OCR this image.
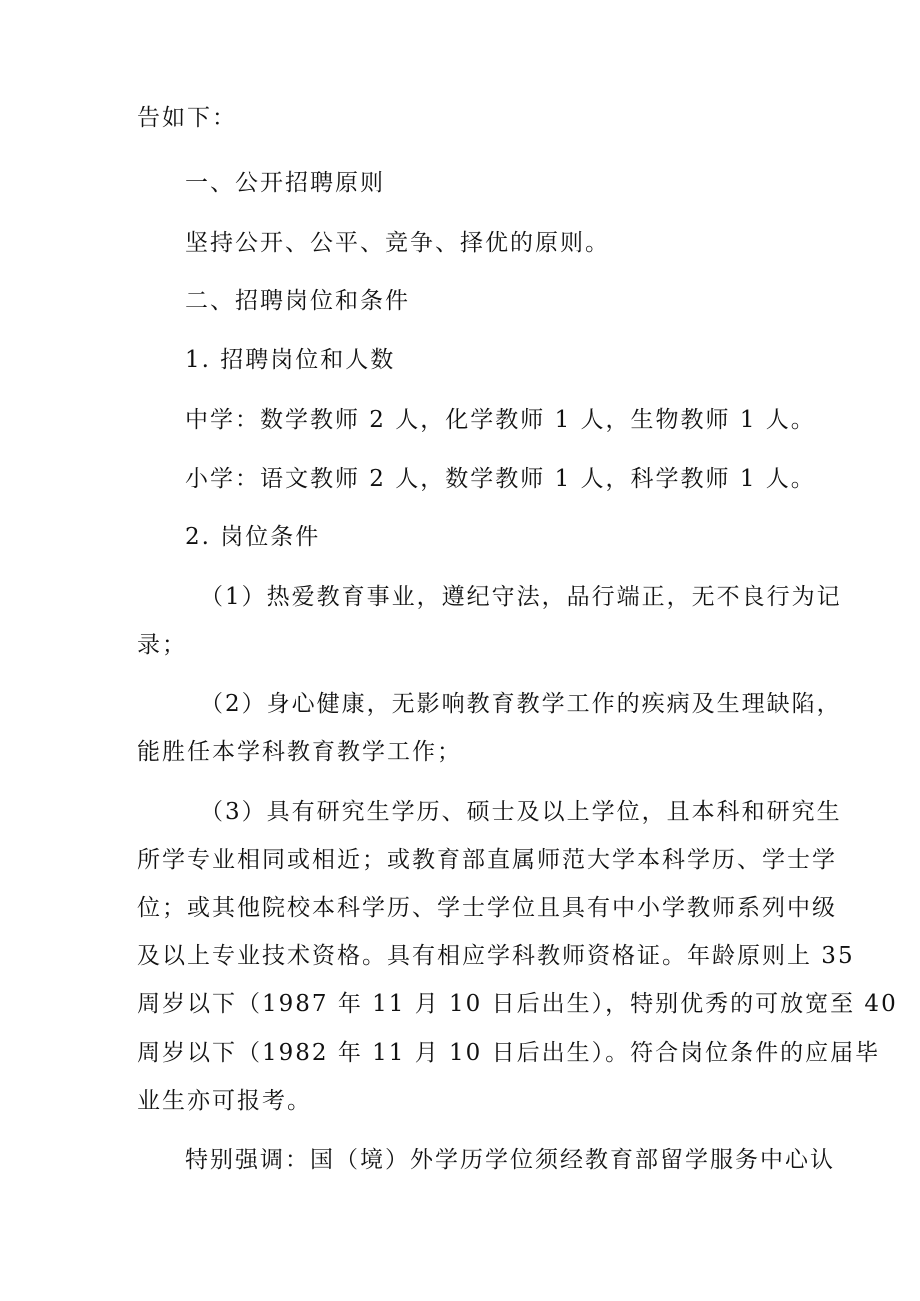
告如下：
一、公开招聘原则
坚持公开、公平、竞争、择优的原则。
二、招聘岗位和条件
1. 招聘岗位和人数
中学：数学教师 2 人，化学教师 1 人，生物教师 1 人。
小学：语文教师 2 人，数学教师 1 人，科学教师 1 人。
2. 岗位条件
（1）热爱教育事业，遵纪守法，品行端正，无不良行为记
录；
（2）身心健康，无影响教育教学工作的疾病及生理缺陷，
能胜任本学科教育教学工作；
（3）具有研究生学历、硕士及以上学位，且本科和研究生
所学专业相同或相近；或教育部直属师范大学本科学历、学士学
位；或其他院校本科学历、学士学位且具有中小学教师系列中级
及以上专业技术资格。具有相应学科教师资格证。年龄原则上 35
周岁以下（1987 年 11 月 10 日后出生），特别优秀的可放宽至 40
周岁以下（1982 年 11 月 10 日后出生）。符合岗位条件的应届毕
业生亦可报考。
特别强调：国（境）外学历学位须经教育部留学服务中心认
